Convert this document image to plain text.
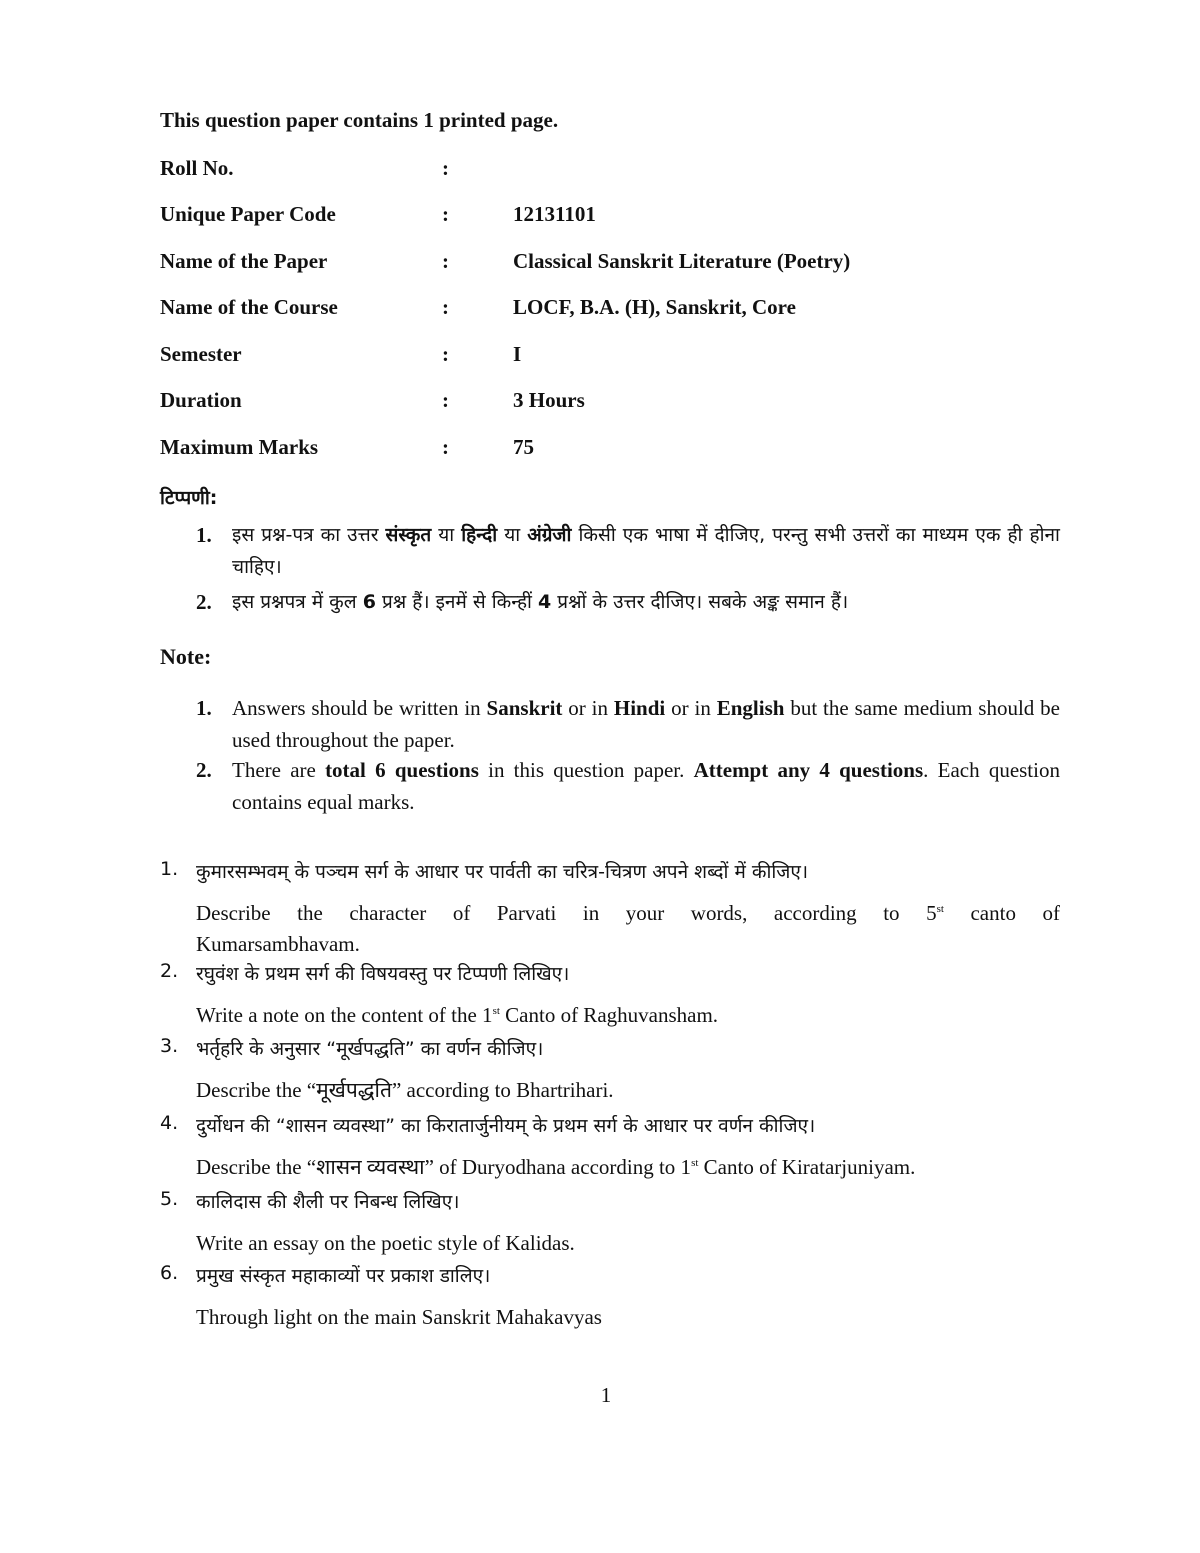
This question paper contains 1 printed page.
Roll No.	:
Unique Paper Code	:	12131101
Name of the Paper	:	Classical Sanskrit Literature (Poetry)
Name of the Course	:	LOCF, B.A. (H), Sanskrit, Core
Semester	:	I
Duration	:	3 Hours
Maximum Marks	:	75
टिप्पणी:
1. इस प्रश्न-पत्र का उत्तर संस्कृत या हिन्दी या अंग्रेजी किसी एक भाषा में दीजिए, परन्तु सभी उत्तरों का माध्यम एक ही होना चाहिए।
2. इस प्रश्नपत्र में कुल 6 प्रश्न हैं। इनमें से किन्हीं 4 प्रश्नों के उत्तर दीजिए। सबके अङ्क समान हैं।
Note:
1. Answers should be written in Sanskrit or in Hindi or in English but the same medium should be used throughout the paper.
2. There are total 6 questions in this question paper. Attempt any 4 questions. Each question contains equal marks.
1. कुमारसम्भवम् के पञ्चम सर्ग के आधार पर पार्वती का चरित्र-चित्रण अपने शब्दों में कीजिए।
Describe the character of Parvati in your words, according to 5st canto of
Kumarsambhavam.
2. रघुवंश के प्रथम सर्ग की विषयवस्तु पर टिप्पणी लिखिए।
Write a note on the content of the 1st Canto of Raghuvansham.
3. भर्तृहरि के अनुसार “मूर्खपद्धति” का वर्णन कीजिए।
Describe the “मूर्खपद्धति” according to Bhartrihari.
4. दुर्योधन की “शासन व्यवस्था” का किरातार्जुनीयम् के प्रथम सर्ग के आधार पर वर्णन कीजिए।
Describe the “शासन व्यवस्था” of Duryodhana according to 1st Canto of Kiratarjuniyam.
5. कालिदास की शैली पर निबन्ध लिखिए।
Write an essay on the poetic style of Kalidas.
6. प्रमुख संस्कृत महाकाव्यों पर प्रकाश डालिए।
Through light on the main Sanskrit Mahakavyas
1
